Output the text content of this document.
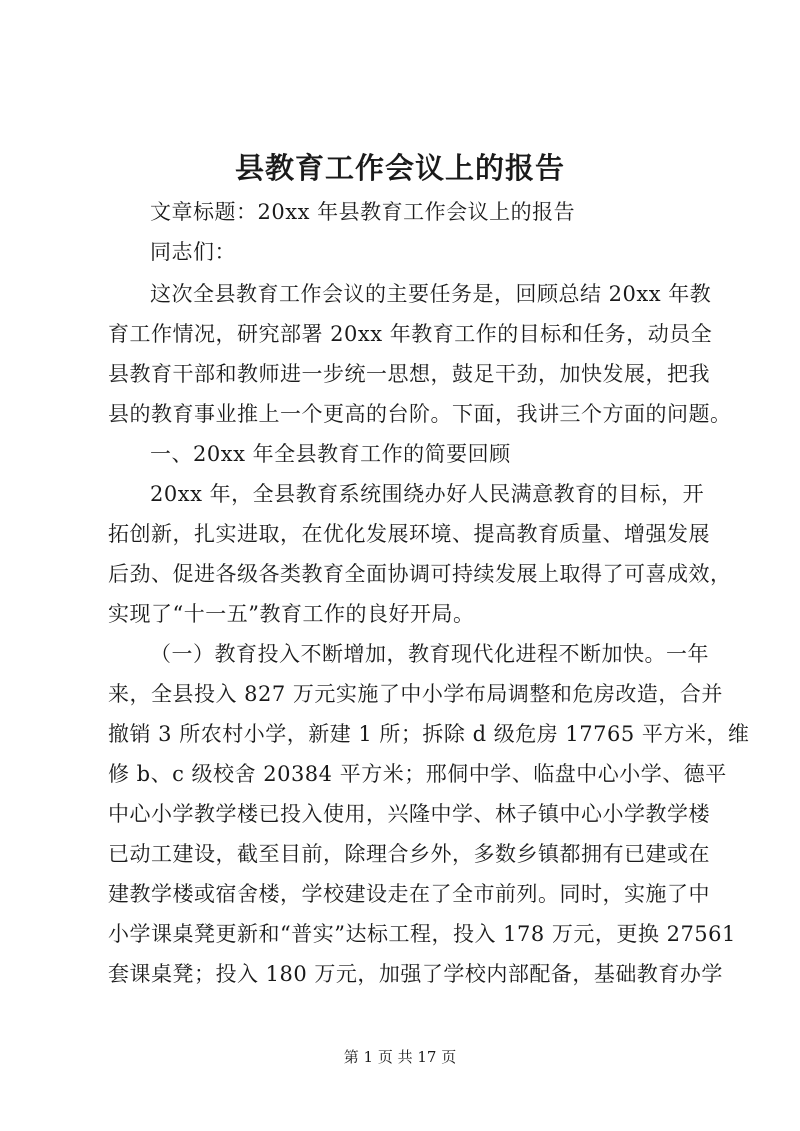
县教育工作会议上的报告
文章标题：20xx 年县教育工作会议上的报告
同志们：
这次全县教育工作会议的主要任务是，回顾总结 20xx 年教
育工作情况，研究部署 20xx 年教育工作的目标和任务，动员全
县教育干部和教师进一步统一思想，鼓足干劲，加快发展，把我
县的教育事业推上一个更高的台阶。下面，我讲三个方面的问题。
一、20xx 年全县教育工作的简要回顾
20xx 年，全县教育系统围绕办好人民满意教育的目标，开
拓创新，扎实进取，在优化发展环境、提高教育质量、增强发展
后劲、促进各级各类教育全面协调可持续发展上取得了可喜成效，
实现了“十一五”教育工作的良好开局。
（一）教育投入不断增加，教育现代化进程不断加快。一年
来，全县投入 827 万元实施了中小学布局调整和危房改造，合并
撤销 3 所农村小学，新建 1 所；拆除 d 级危房 17765 平方米，维
修 b、c 级校舍 20384 平方米；邢侗中学、临盘中心小学、德平
中心小学教学楼已投入使用，兴隆中学、林子镇中心小学教学楼
已动工建设，截至目前，除理合乡外，多数乡镇都拥有已建或在
建教学楼或宿舍楼，学校建设走在了全市前列。同时，实施了中
小学课桌凳更新和“普实”达标工程，投入 178 万元，更换 27561
套课桌凳；投入 180 万元，加强了学校内部配备，基础教育办学
第 1 页 共 17 页
